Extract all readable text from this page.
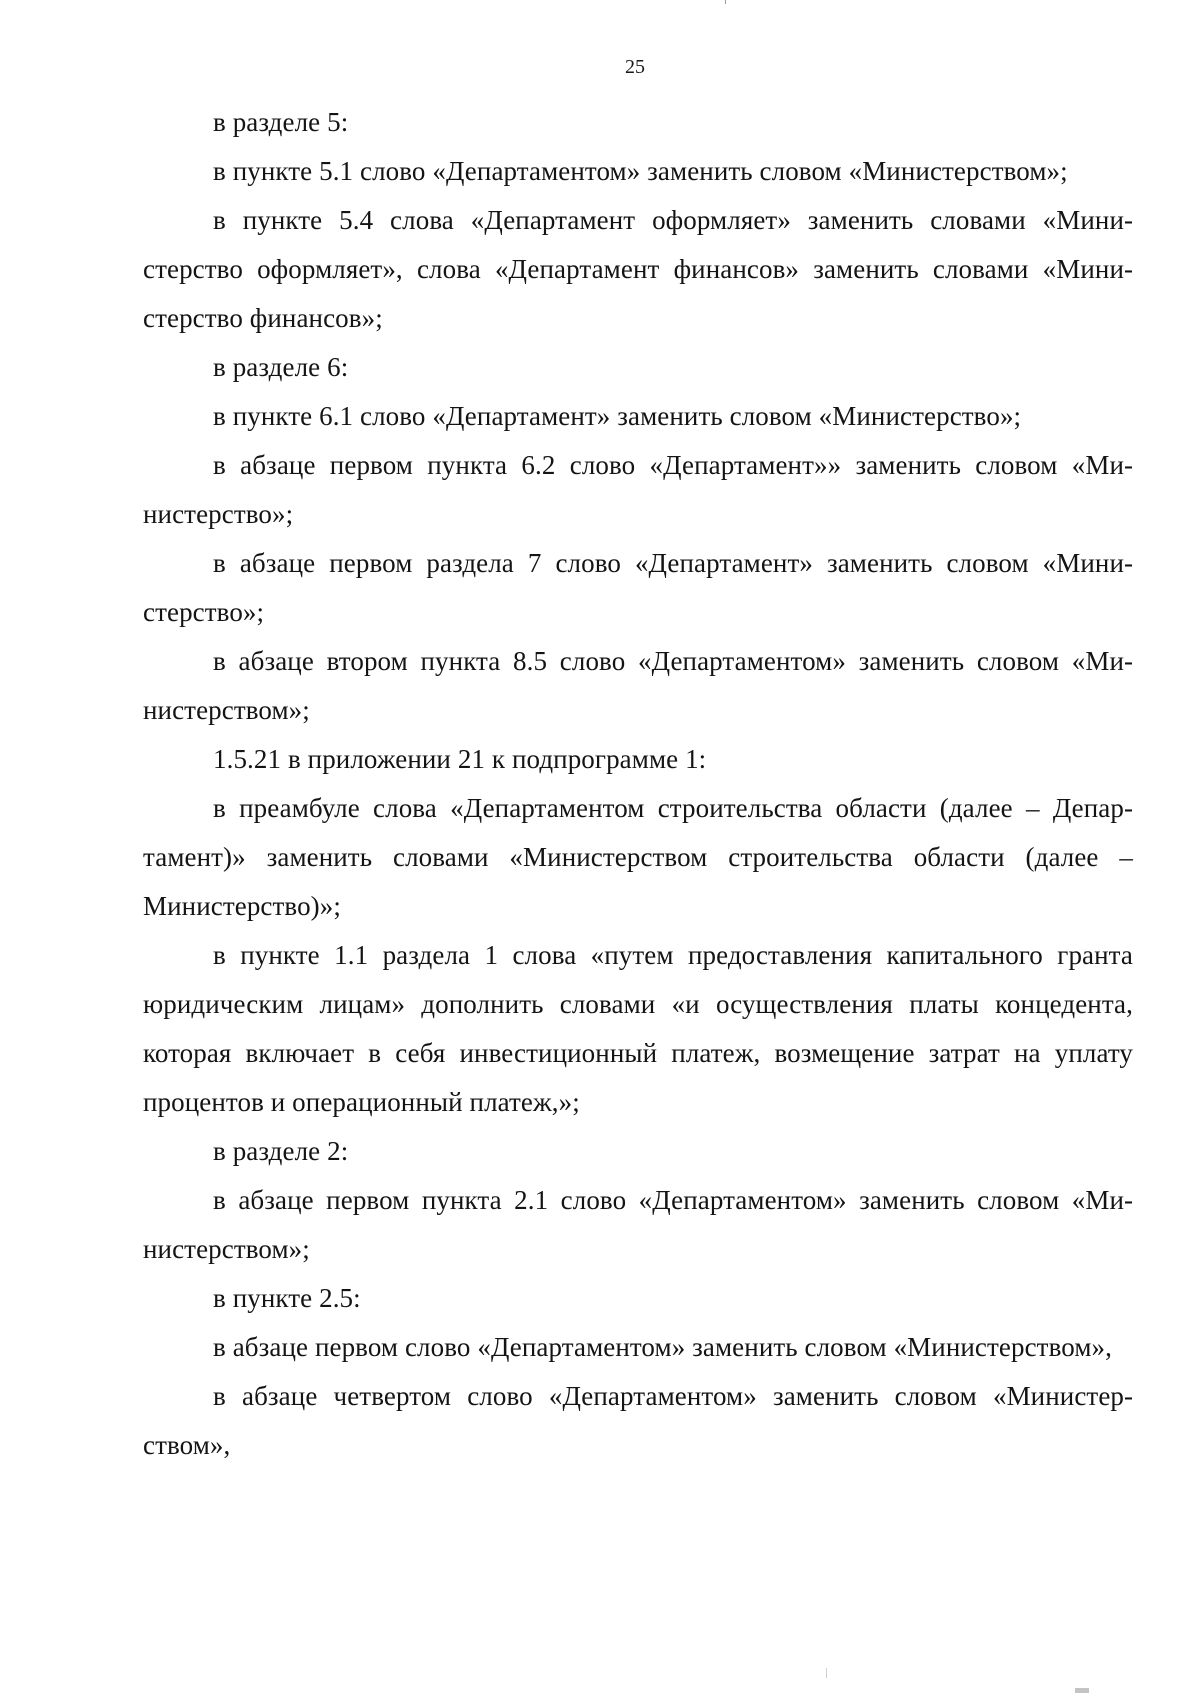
25

в разделе 5:

в пункте 5.1 слово «Департаментом» заменить словом «Министерством»;

в пункте 5.4 слова «Департамент оформляет» заменить словами «Министерство оформляет», слова «Департамент финансов» заменить словами «Министерство финансов»;

в разделе 6:

в пункте 6.1 слово «Департамент» заменить словом «Министерство»;

в абзаце первом пункта 6.2 слово «Департамент»» заменить словом «Министерство»;

в абзаце первом раздела 7 слово «Департамент» заменить словом «Министерство»;

в абзаце втором пункта 8.5 слово «Департаментом» заменить словом «Министерством»;

1.5.21 в приложении 21 к подпрограмме 1:

в преамбуле слова «Департаментом строительства области (далее – Департамент)» заменить словами «Министерством строительства области (далее – Министерство)»;

в пункте 1.1 раздела 1 слова «путем предоставления капитального гранта юридическим лицам» дополнить словами «и осуществления платы концедента, которая включает в себя инвестиционный платеж, возмещение затрат на уплату процентов и операционный платеж,»;

в разделе 2:

в абзаце первом пункта 2.1 слово «Департаментом» заменить словом «Министерством»;

в пункте 2.5:

в абзаце первом слово «Департаментом» заменить словом «Министерством»,

в абзаце четвертом слово «Департаментом» заменить словом «Министерством»,
